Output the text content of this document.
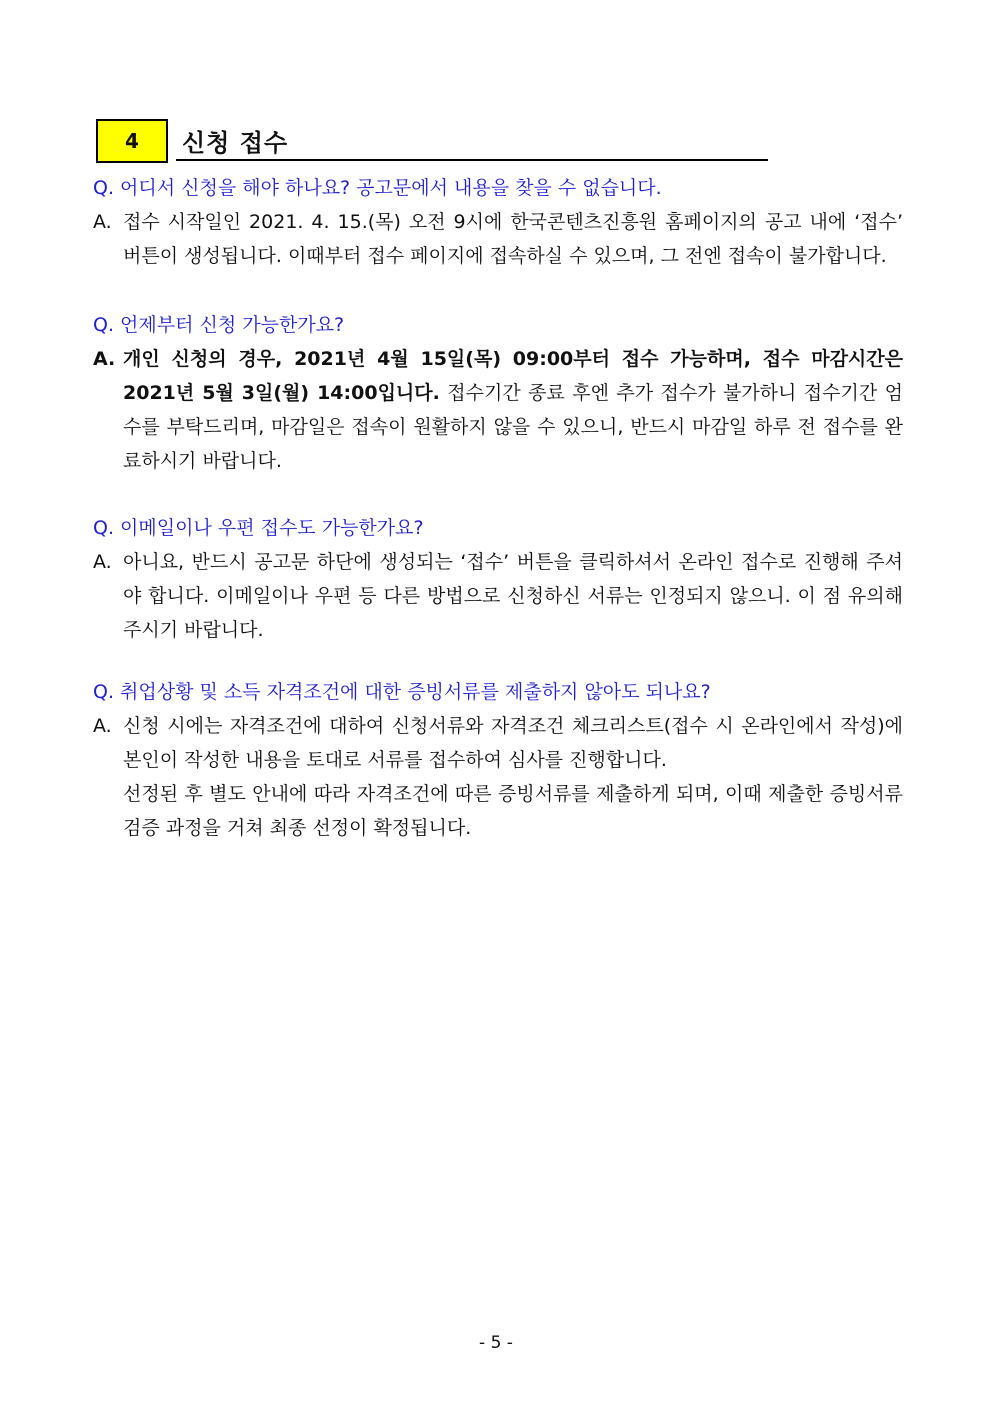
4	신청 접수
Q. 어디서 신청을 해야 하나요? 공고문에서 내용을 찾을 수 없습니다.
A. 접수 시작일인 2021. 4. 15.(목) 오전 9시에 한국콘텐츠진흥원 홈페이지의 공고 내에 ‘접수’ 버튼이 생성됩니다. 이때부터 접수 페이지에 접속하실 수 있으며, 그 전엔 접속이 불가합니다.

Q. 언제부터 신청 가능한가요?
A. 개인 신청의 경우, 2021년 4월 15일(목) 09:00부터 접수 가능하며, 접수 마감시간은 2021년 5월 3일(월) 14:00입니다. 접수기간 종료 후엔 추가 접수가 불가하니 접수기간 엄수를 부탁드리며, 마감일은 접속이 원활하지 않을 수 있으니, 반드시 마감일 하루 전 접수를 완료하시기 바랍니다.

Q. 이메일이나 우편 접수도 가능한가요?
A. 아니요, 반드시 공고문 하단에 생성되는 ‘접수’ 버튼을 클릭하셔서 온라인 접수로 진행해 주셔야 합니다. 이메일이나 우편 등 다른 방법으로 신청하신 서류는 인정되지 않으니. 이 점 유의해 주시기 바랍니다.

Q. 취업상황 및 소득 자격조건에 대한 증빙서류를 제출하지 않아도 되나요?
A. 신청 시에는 자격조건에 대하여 신청서류와 자격조건 체크리스트(접수 시 온라인에서 작성)에 본인이 작성한 내용을 토대로 서류를 접수하여 심사를 진행합니다.

선정된 후 별도 안내에 따라 자격조건에 따른 증빙서류를 제출하게 되며, 이때 제출한 증빙서류 검증 과정을 거쳐 최종 선정이 확정됩니다.

- 5 -
